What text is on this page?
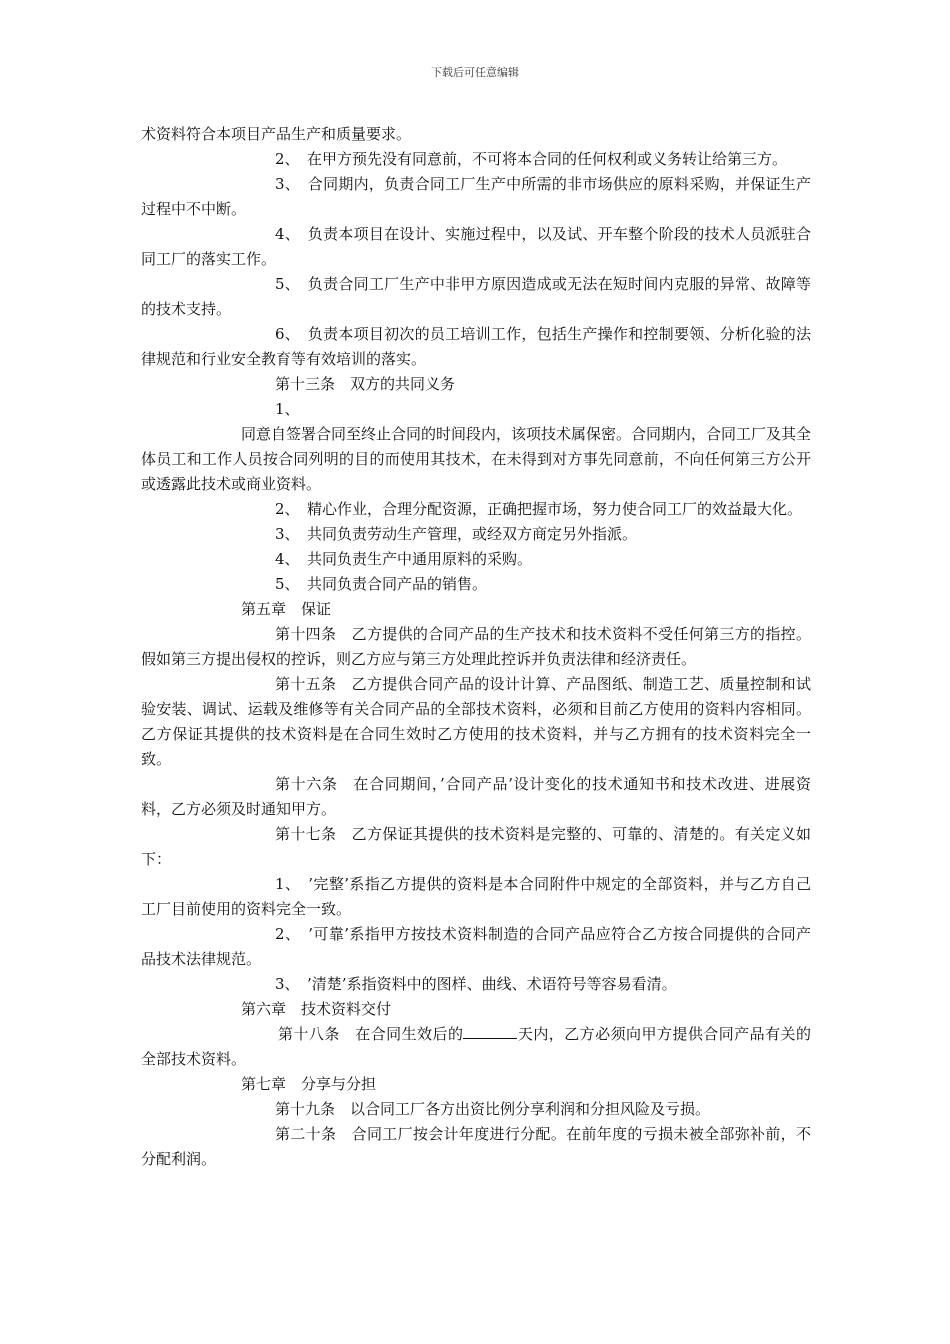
下载后可任意编辑

术资料符合本项目产品生产和质量要求。

2、　在甲方预先没有同意前，不可将本合同的任何权利或义务转让给第三方。

3、　合同期内，负责合同工厂生产中所需的非市场供应的原料采购，并保证生产过程中不中断。

4、　负责本项目在设计、实施过程中，以及试、开车整个阶段的技术人员派驻合同工厂的落实工作。

5、　负责合同工厂生产中非甲方原因造成或无法在短时间内克服的异常、故障等的技术支持。

6、　负责本项目初次的员工培训工作，包括生产操作和控制要领、分析化验的法律规范和行业安全教育等有效培训的落实。

第十三条　双方的共同义务

1、

同意自签署合同至终止合同的时间段内，该项技术属保密。合同期内，合同工厂及其全体员工和工作人员按合同列明的目的而使用其技术，在未得到对方事先同意前，不向任何第三方公开或透露此技术或商业资料。

2、　精心作业，合理分配资源，正确把握市场，努力使合同工厂的效益最大化。

3、　共同负责劳动生产管理，或经双方商定另外指派。

4、　共同负责生产中通用原料的采购。

5、　共同负责合同产品的销售。

第五章　保证

第十四条　乙方提供的合同产品的生产技术和技术资料不受任何第三方的指控。假如第三方提出侵权的控诉，则乙方应与第三方处理此控诉并负责法律和经济责任。

第十五条　乙方提供合同产品的设计计算、产品图纸、制造工艺、质量控制和试验安装、调试、运载及维修等有关合同产品的全部技术资料，必须和目前乙方使用的资料内容相同。乙方保证其提供的技术资料是在合同生效时乙方使用的技术资料，并与乙方拥有的技术资料完全一致。

第十六条　在合同期间，’合同产品’设计变化的技术通知书和技术改进、进展资料，乙方必须及时通知甲方。

第十七条　乙方保证其提供的技术资料是完整的、可靠的、清楚的。有关定义如下：

1、　’完整’系指乙方提供的资料是本合同附件中规定的全部资料，并与乙方自己工厂目前使用的资料完全一致。

2、　’可靠’系指甲方按技术资料制造的合同产品应符合乙方按合同提供的合同产品技术法律规范。

3、　’清楚’系指资料中的图样、曲线、术语符号等容易看清。

第六章　技术资料交付

第十八条　在合同生效后的	天内，乙方必须向甲方提供合同产品有关的全部技术资料。

第七章　分享与分担

第十九条　以合同工厂各方出资比例分享利润和分担风险及亏损。

第二十条　合同工厂按会计年度进行分配。在前年度的亏损未被全部弥补前，不分配利润。
